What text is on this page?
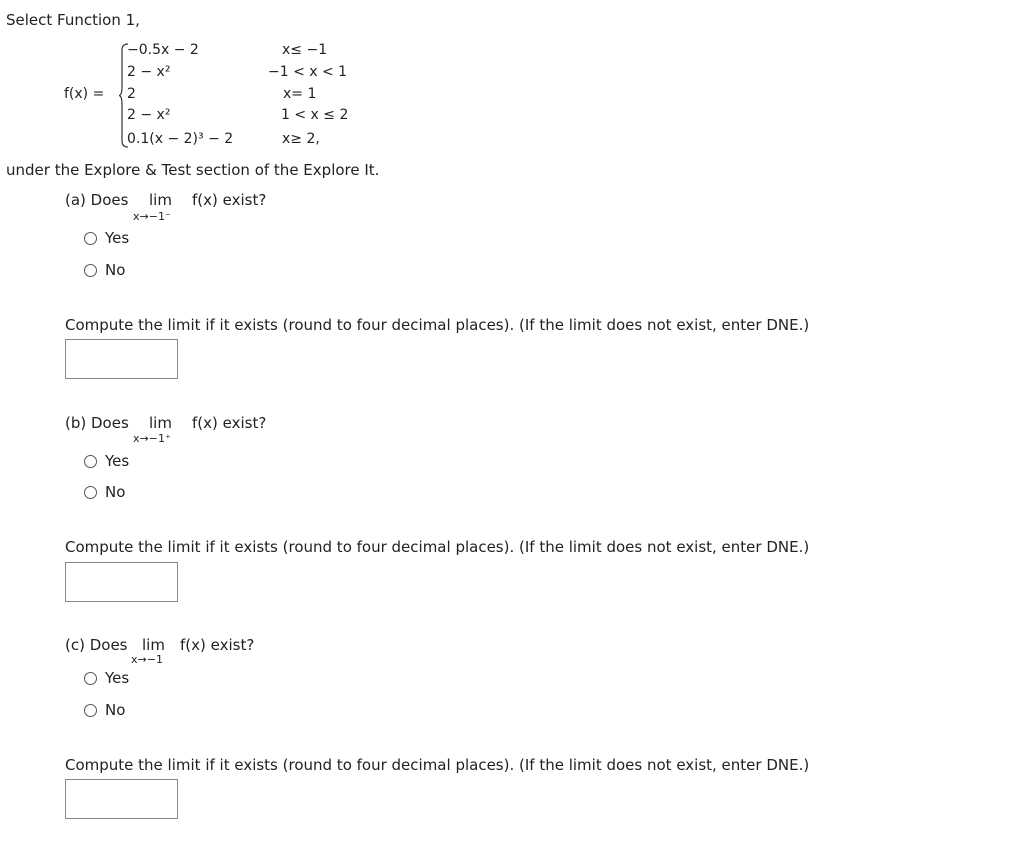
Select Function 1,
f(x) =
−0.5x − 2	x≤ −1
2 − x²	−1 < x < 1
2	x= 1
2 − x²	1 < x ≤ 2
0.1(x − 2)³ − 2	x≥ 2,
under the Explore & Test section of the Explore It.
(a) Does lim
x→−1⁻
f(x) exist?
Yes
No
Compute the limit if it exists (round to four decimal places). (If the limit does not exist, enter DNE.)
(b) Does lim
x→−1⁺
f(x) exist?
Yes
No
Compute the limit if it exists (round to four decimal places). (If the limit does not exist, enter DNE.)
(c) Does lim
x→−1
f(x) exist?
Yes
No
Compute the limit if it exists (round to four decimal places). (If the limit does not exist, enter DNE.)
